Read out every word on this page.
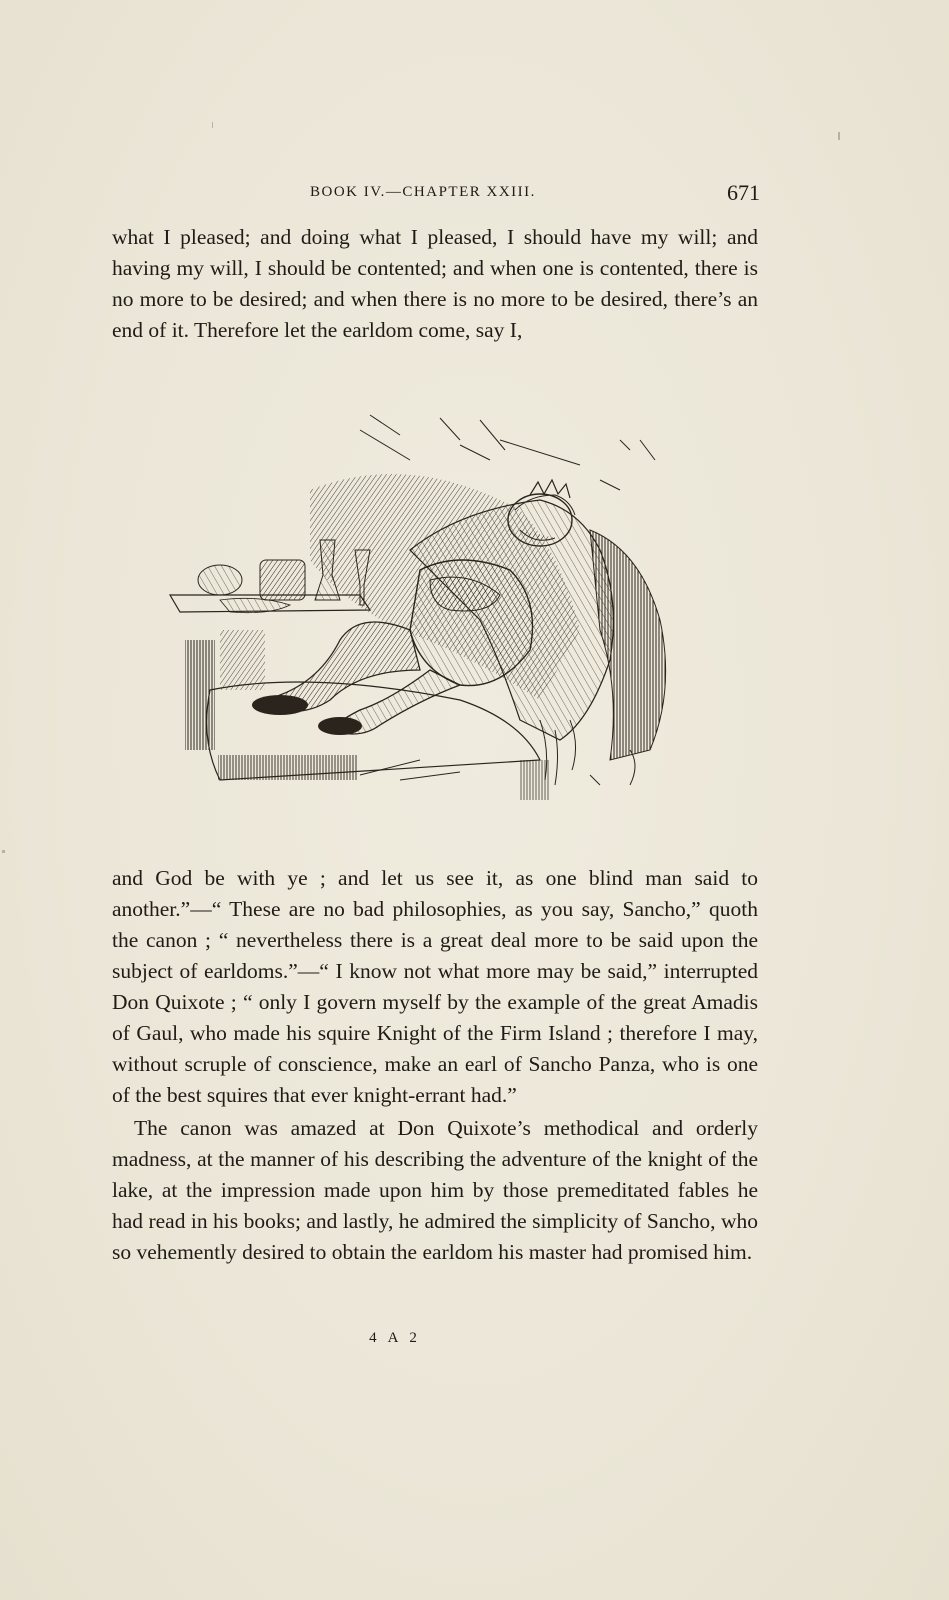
BOOK IV.—CHAPTER XXIII.	671

what I pleased; and doing what I pleased, I should have my will; and having my will, I should be contented; and when one is contented, there is no more to be desired; and when there is no more to be desired, there’s an end of it. Therefore let the earldom come, say I,

and God be with ye ; and let us see it, as one blind man said to another.”—“ These are no bad philosophies, as you say, Sancho,” quoth the canon ; “ nevertheless there is a great deal more to be said upon the subject of earldoms.”—“ I know not what more may be said,” interrupted Don Quixote ; “ only I govern myself by the example of the great Amadis of Gaul, who made his squire Knight of the Firm Island ; therefore I may, without scruple of conscience, make an earl of Sancho Panza, who is one of the best squires that ever knight-errant had.”

The canon was amazed at Don Quixote’s methodical and orderly madness, at the manner of his describing the adventure of the knight of the lake, at the impression made upon him by those premeditated fables he had read in his books; and lastly, he admired the simplicity of Sancho, who so vehemently desired to obtain the earldom his master had promised him.

4 A 2
